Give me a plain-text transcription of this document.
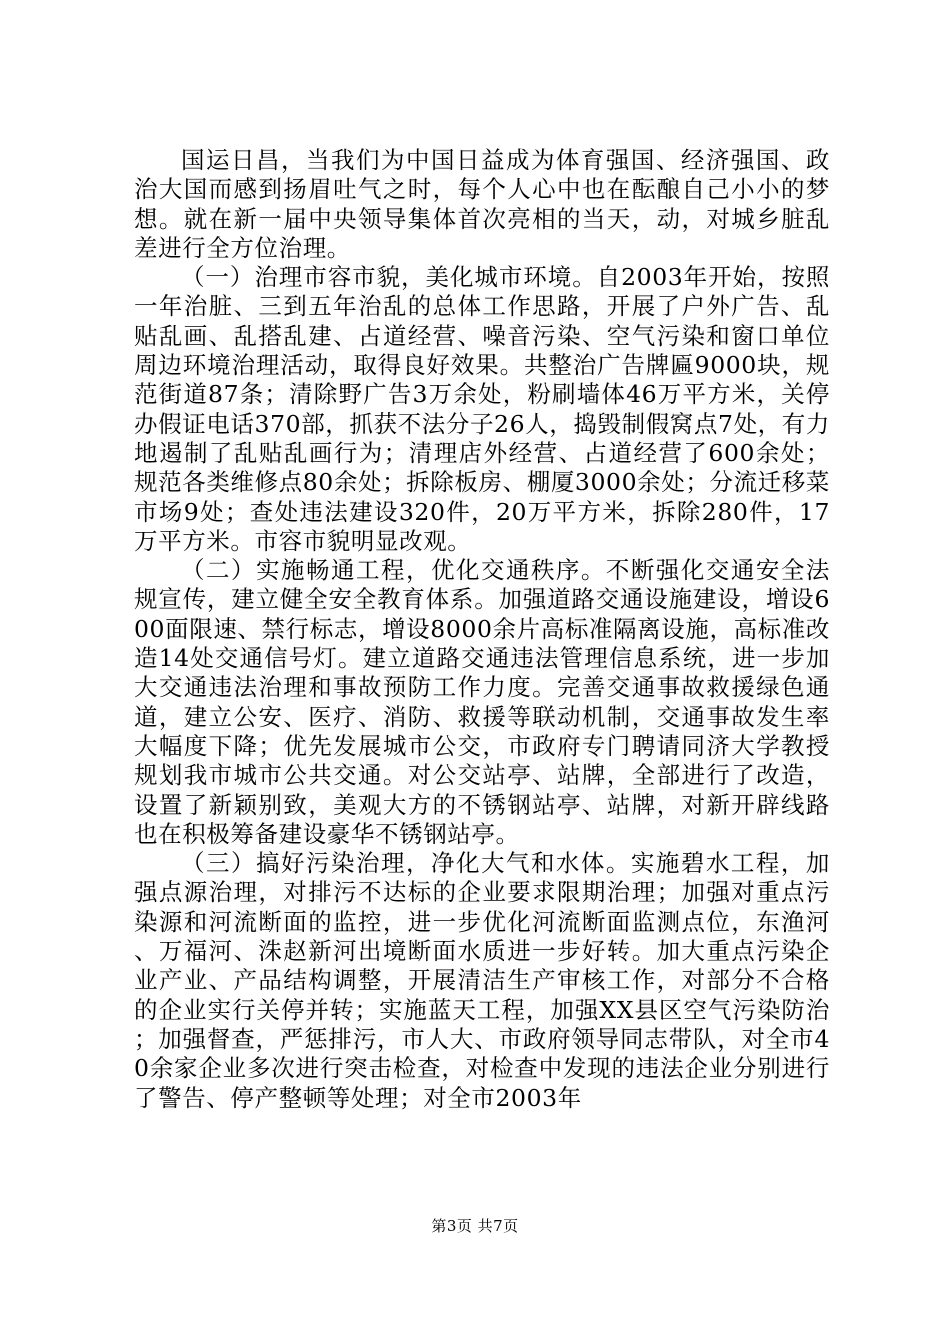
国运日昌，当我们为中国日益成为体育强国、经济强国、政治大国而感到扬眉吐气之时，每个人心中也在酝酿自己小小的梦想。就在新一届中央领导集体首次亮相的当天，动，对城乡脏乱差进行全方位治理。

（一）治理市容市貌，美化城市环境。自2003年开始，按照一年治脏、三到五年治乱的总体工作思路，开展了户外广告、乱贴乱画、乱搭乱建、占道经营、噪音污染、空气污染和窗口单位周边环境治理活动，取得良好效果。共整治广告牌匾9000块，规范街道87条；清除野广告3万余处，粉刷墙体46万平方米，关停办假证电话370部，抓获不法分子26人，捣毁制假窝点7处，有力地遏制了乱贴乱画行为；清理店外经营、占道经营了600余处；规范各类维修点80余处；拆除板房、棚厦3000余处；分流迁移菜市场9处；查处违法建设320件，20万平方米，拆除280件，17万平方米。市容市貌明显改观。

（二）实施畅通工程，优化交通秩序。不断强化交通安全法规宣传，建立健全安全教育体系。加强道路交通设施建设，增设600面限速、禁行标志，增设8000余片高标准隔离设施，高标准改造14处交通信号灯。建立道路交通违法管理信息系统，进一步加大交通违法治理和事故预防工作力度。完善交通事故救援绿色通道，建立公安、医疗、消防、救援等联动机制，交通事故发生率大幅度下降；优先发展城市公交，市政府专门聘请同济大学教授规划我市城市公共交通。对公交站亭、站牌，全部进行了改造，设置了新颖别致，美观大方的不锈钢站亭、站牌，对新开辟线路也在积极筹备建设豪华不锈钢站亭。

（三）搞好污染治理，净化大气和水体。实施碧水工程，加强点源治理，对排污不达标的企业要求限期治理；加强对重点污染源和河流断面的监控，进一步优化河流断面监测点位，东渔河、万福河、洙赵新河出境断面水质进一步好转。加大重点污染企业产业、产品结构调整，开展清洁生产审核工作，对部分不合格的企业实行关停并转；实施蓝天工程，加强XX县区空气污染防治；加强督查，严惩排污，市人大、市政府领导同志带队，对全市40余家企业多次进行突击检查，对检查中发现的违法企业分别进行了警告、停产整顿等处理；对全市2003年

第3页 共7页
